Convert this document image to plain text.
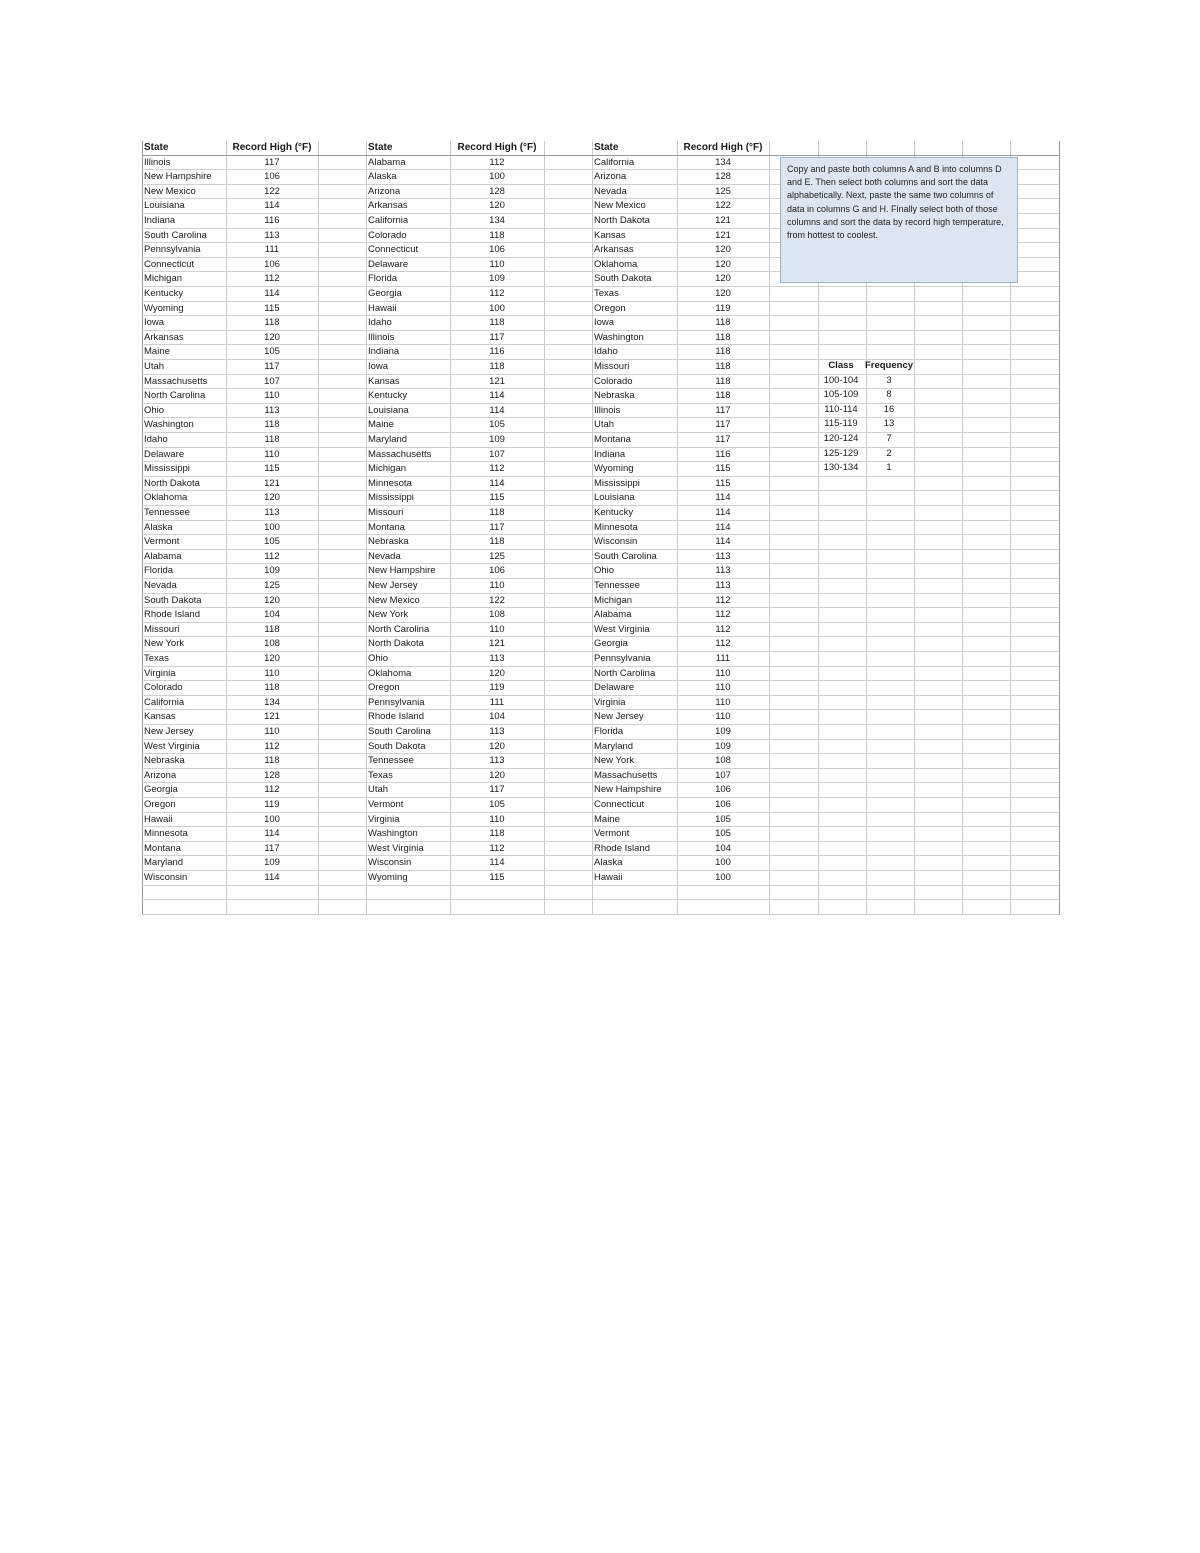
State	Record High (°F)	State	Record High (°F)	State	Record High (°F)
Illinois	117	Alabama	112	California	134
New Hampshire	106	Alaska	100	Arizona	128
New Mexico	122	Arizona	128	Nevada	125
Louisiana	114	Arkansas	120	New Mexico	122
Indiana	116	California	134	North Dakota	121
South Carolina	113	Colorado	118	Kansas	121
Pennsylvania	111	Connecticut	106	Arkansas	120
Connecticut	106	Delaware	110	Oklahoma	120
Michigan	112	Florida	109	South Dakota	120
Kentucky	114	Georgia	112	Texas	120
Wyoming	115	Hawaii	100	Oregon	119
Iowa	118	Idaho	118	Iowa	118
Arkansas	120	Illinois	117	Washington	118
Maine	105	Indiana	116	Idaho	118
Utah	117	Iowa	118	Missouri	118
Massachusetts	107	Kansas	121	Colorado	118
North Carolina	110	Kentucky	114	Nebraska	118
Ohio	113	Louisiana	114	Illinois	117
Washington	118	Maine	105	Utah	117
Idaho	118	Maryland	109	Montana	117
Delaware	110	Massachusetts	107	Indiana	116
Mississippi	115	Michigan	112	Wyoming	115
North Dakota	121	Minnesota	114	Mississippi	115
Oklahoma	120	Mississippi	115	Louisiana	114
Tennessee	113	Missouri	118	Kentucky	114
Alaska	100	Montana	117	Minnesota	114
Vermont	105	Nebraska	118	Wisconsin	114
Alabama	112	Nevada	125	South Carolina	113
Florida	109	New Hampshire	106	Ohio	113
Nevada	125	New Jersey	110	Tennessee	113
South Dakota	120	New Mexico	122	Michigan	112
Rhode Island	104	New York	108	Alabama	112
Missouri	118	North Carolina	110	West Virginia	112
New York	108	North Dakota	121	Georgia	112
Texas	120	Ohio	113	Pennsylvania	111
Virginia	110	Oklahoma	120	North Carolina	110
Colorado	118	Oregon	119	Delaware	110
California	134	Pennsylvania	111	Virginia	110
Kansas	121	Rhode Island	104	New Jersey	110
New Jersey	110	South Carolina	113	Florida	109
West Virginia	112	South Dakota	120	Maryland	109
Nebraska	118	Tennessee	113	New York	108
Arizona	128	Texas	120	Massachusetts	107
Georgia	112	Utah	117	New Hampshire	106
Oregon	119	Vermont	105	Connecticut	106
Hawaii	100	Virginia	110	Maine	105
Minnesota	114	Washington	118	Vermont	105
Montana	117	West Virginia	112	Rhode Island	104
Maryland	109	Wisconsin	114	Alaska	100
Wisconsin	114	Wyoming	115	Hawaii	100
Copy and paste both columns A and B into columns D and E. Then select both columns and sort the data alphabetically. Next, paste the same two columns of data in columns G and H. Finally select both of those columns and sort the data by record high temperature, from hottest to coolest.
Class	Frequency
100-104	3
105-109	8
110-114	16
115-119	13
120-124	7
125-129	2
130-134	1
